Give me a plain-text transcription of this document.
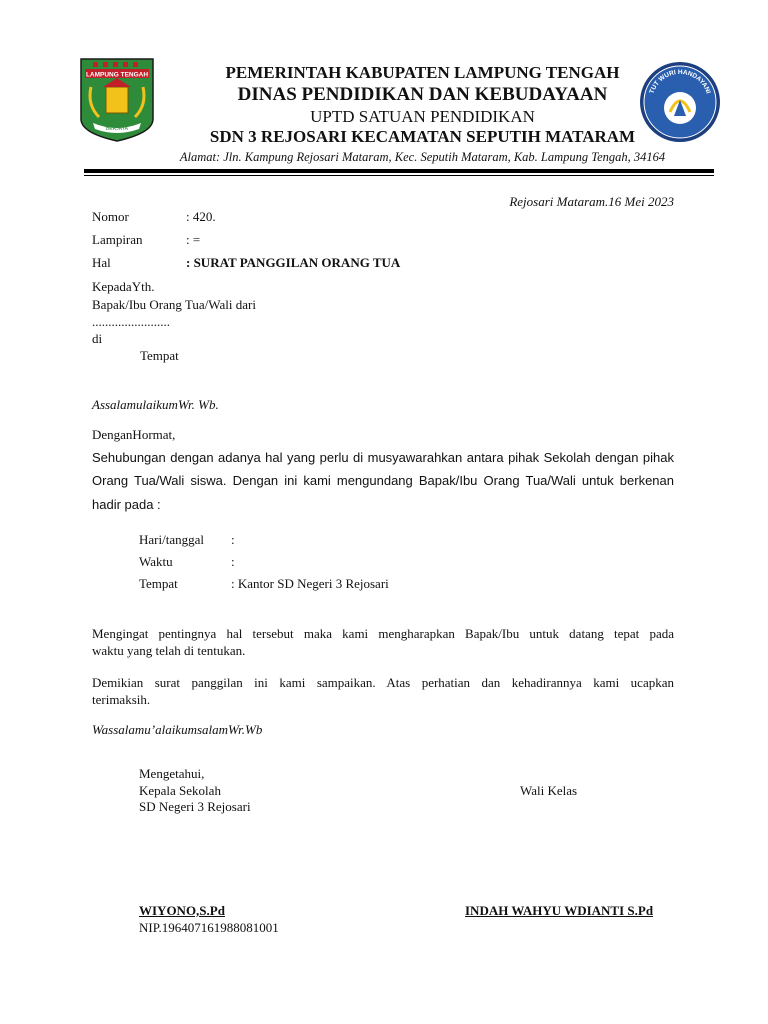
LAMPUNG TENGAH
BERJAYA
TUT WURI HANDAYANI
PEMERINTAH KABUPATEN LAMPUNG TENGAH
DINAS PENDIDIKAN DAN KEBUDAYAAN
UPTD SATUAN PENDIDIKAN
SDN 3 REJOSARI KECAMATAN SEPUTIH MATARAM
Alamat: Jln. Kampung Rejosari Mataram, Kec. Seputih Mataram, Kab. Lampung Tengah, 34164
Rejosari Mataram.16 Mei 2023
Nomor	: 420.
Lampiran	: =
Hal	: SURAT PANGGILAN ORANG TUA
KepadaYth.
Bapak/Ibu Orang Tua/Wali dari
........................
di
Tempat
AssalamulaikumWr. Wb.
DenganHormat,
Sehubungan dengan adanya hal yang perlu di musyawarahkan antara pihak Sekolah dengan pihak
Orang Tua/Wali siswa. Dengan ini kami mengundang Bapak/Ibu Orang Tua/Wali untuk berkenan
hadir pada :
Hari/tanggal :
Waktu	:
Tempat	: Kantor SD Negeri 3 Rejosari
Mengingat pentingnya hal tersebut maka kami mengharapkan Bapak/Ibu untuk datang tepat pada
waktu yang telah di tentukan.
Demikian surat panggilan ini kami sampaikan. Atas perhatian dan kehadirannya kami ucapkan
terimaksih.
Wassalamu’alaikumsalamWr.Wb
Mengetahui,
Kepala Sekolah
SD Negeri 3 Rejosari
Wali Kelas
WIYONO,S.Pd
NIP.196407161988081001
INDAH WAHYU WDIANTI S.Pd
